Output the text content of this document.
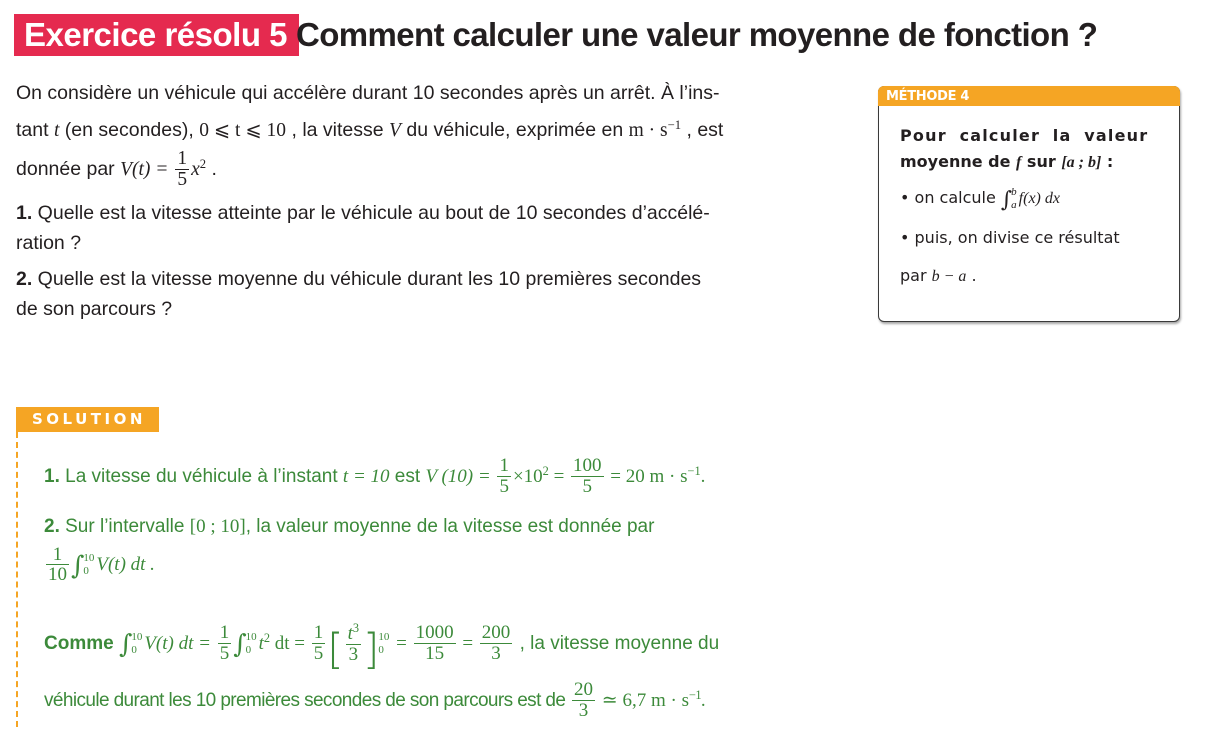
Exercice résolu 5 Comment calculer une valeur moyenne de fonction ?
On considère un véhicule qui accélère durant 10 secondes après un arrêt. À l’ins-
tant t (en secondes), 0 ⩽ t ⩽ 10 , la vitesse V du véhicule, exprimée en $m \cdot s^{-1}$ , est
donnée par $V(t) = \frac{1}{5} x^2$ .
1. Quelle est la vitesse atteinte par le véhicule au bout de 10 secondes d’accélé-
ration ?
2. Quelle est la vitesse moyenne du véhicule durant les 10 premières secondes
de son parcours ?
MÉTHODE 4
Pour calculer la valeur
moyenne de f sur [a ; b] :
• on calcule ∫ b
a f(x) dx
• puis, on divise ce résultat
par b − a .
SOLUTION
1. La vitesse du véhicule à l’instant t = 10 est V $(10) = \frac{1}{5} \times 10^2 = \frac{100}{5} = 20$ $m \cdot s^{-1}$.
2. Sur l’intervalle [0 ; 10], la valeur moyenne de la vitesse est donnée par
$\frac{1}{10}$ ∫ 10
0 V(t) dt .
Comme ∫ 10
0 V(t) dt = $\frac{1}{5}$ ∫ 10
0 $t^2$ dt = $\frac{1}{5}$ [ $\frac{t^3}{3}$ ] 10
$0 = \frac{1000}{15} = \frac{200}{3}$ , la vitesse moyenne du
véhicule durant les 10 premières secondes de son parcours est de $\frac{20}{3}$ ≃ 6,7 $m \cdot s^{-1}$.
